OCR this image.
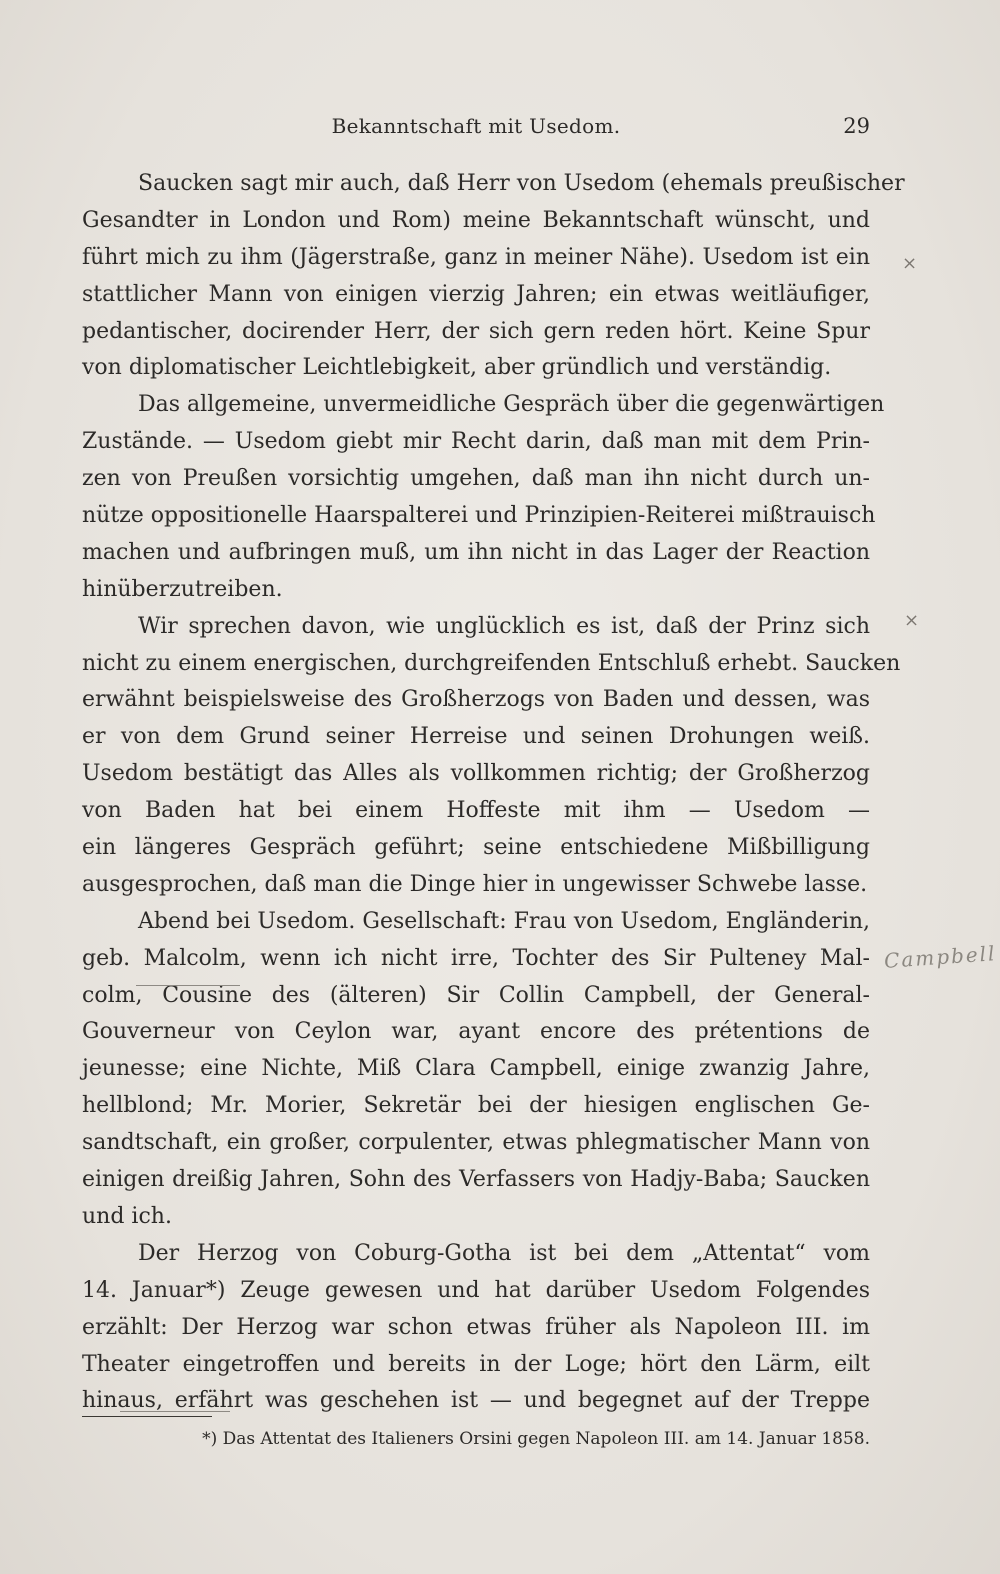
Bekanntschaft mit Usedom.	29
Saucken sagt mir auch, daß Herr von Usedom (ehemals preußischer
Gesandter in London und Rom) meine Bekanntschaft wünscht, und
führt mich zu ihm (Jägerstraße, ganz in meiner Nähe). Usedom ist ein
stattlicher Mann von einigen vierzig Jahren; ein etwas weitläufiger,
pedantischer, docirender Herr, der sich gern reden hört. Keine Spur
von diplomatischer Leichtlebigkeit, aber gründlich und verständig.
Das allgemeine, unvermeidliche Gespräch über die gegenwärtigen
Zustände. — Usedom giebt mir Recht darin, daß man mit dem Prin-
zen von Preußen vorsichtig umgehen, daß man ihn nicht durch un-
nütze oppositionelle Haarspalterei und Prinzipien-Reiterei mißtrauisch
machen und aufbringen muß, um ihn nicht in das Lager der Reaction
hinüberzutreiben.
Wir sprechen davon, wie unglücklich es ist, daß der Prinz sich
nicht zu einem energischen, durchgreifenden Entschluß erhebt. Saucken
erwähnt beispielsweise des Großherzogs von Baden und dessen, was
er von dem Grund seiner Herreise und seinen Drohungen weiß.
Usedom bestätigt das Alles als vollkommen richtig; der Großherzog
von Baden hat bei einem Hoffeste mit ihm — Usedom —
ein längeres Gespräch geführt; seine entschiedene Mißbilligung
ausgesprochen, daß man die Dinge hier in ungewisser Schwebe lasse.
Abend bei Usedom. Gesellschaft: Frau von Usedom, Engländerin,
geb. Malcolm, wenn ich nicht irre, Tochter des Sir Pulteney Mal-
colm, Cousine des (älteren) Sir Collin Campbell, der General-
Gouverneur von Ceylon war, ayant encore des prétentions de
jeunesse; eine Nichte, Miß Clara Campbell, einige zwanzig Jahre,
hellblond; Mr. Morier, Sekretär bei der hiesigen englischen Ge-
sandtschaft, ein großer, corpulenter, etwas phlegmatischer Mann von
einigen dreißig Jahren, Sohn des Verfassers von Hadjy-Baba; Saucken
und ich.
Der Herzog von Coburg-Gotha ist bei dem „Attentat“ vom
14. Januar*) Zeuge gewesen und hat darüber Usedom Folgendes
erzählt: Der Herzog war schon etwas früher als Napoleon III. im
Theater eingetroffen und bereits in der Loge; hört den Lärm, eilt
hinaus, erfährt was geschehen ist — und begegnet auf der Treppe
*) Das Attentat des Italieners Orsini gegen Napoleon III. am 14. Januar 1858.
×
×
Campbell
